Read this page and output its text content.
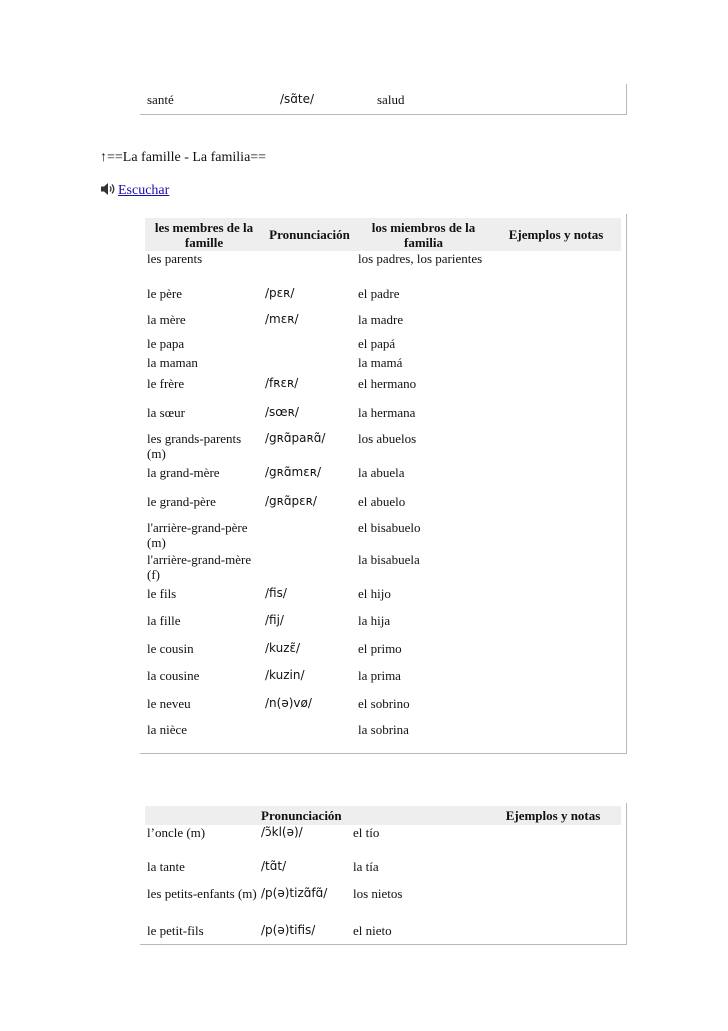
santé	/sɑ̃te/	salud	
↑==La famille - La familia==
Escuchar
les membres de la famille	Pronunciación	los miembros de la familia	Ejemplos y notas
les parents		los padres, los parientes	
le père	/pɛʀ/	el padre	
la mère	/mɛʀ/	la madre	
le papa		el papá	
la maman		la mamá	
le frère	/fʀɛʀ/	el hermano	
la sœur	/sœʀ/	la hermana	
les grands-parents (m)	/gʀɑ̃paʀɑ̃/	los abuelos	
la grand-mère	/gʀɑ̃mɛʀ/	la abuela	
le grand-père	/gʀɑ̃pɛʀ/	el abuelo	
l'arrière-grand-père (m)		el bisabuelo	
l'arrière-grand-mère (f)		la bisabuela	
le fils	/fis/	el hijo	
la fille	/fij/	la hija	
le cousin	/kuzɛ̃/	el primo	
la cousine	/kuzin/	la prima	
le neveu	/n(ə)vø/	el sobrino	
la nièce		la sobrina	
	Pronunciación		Ejemplos y notas
l’oncle (m)	/ɔ̃kl(ə)/	el tío	
la tante	/tɑ̃t/	la tía	
les petits-enfants (m)	/p(ə)tizɑ̃fɑ̃/	los nietos	
le petit-fils	/p(ə)tifis/	el nieto	
